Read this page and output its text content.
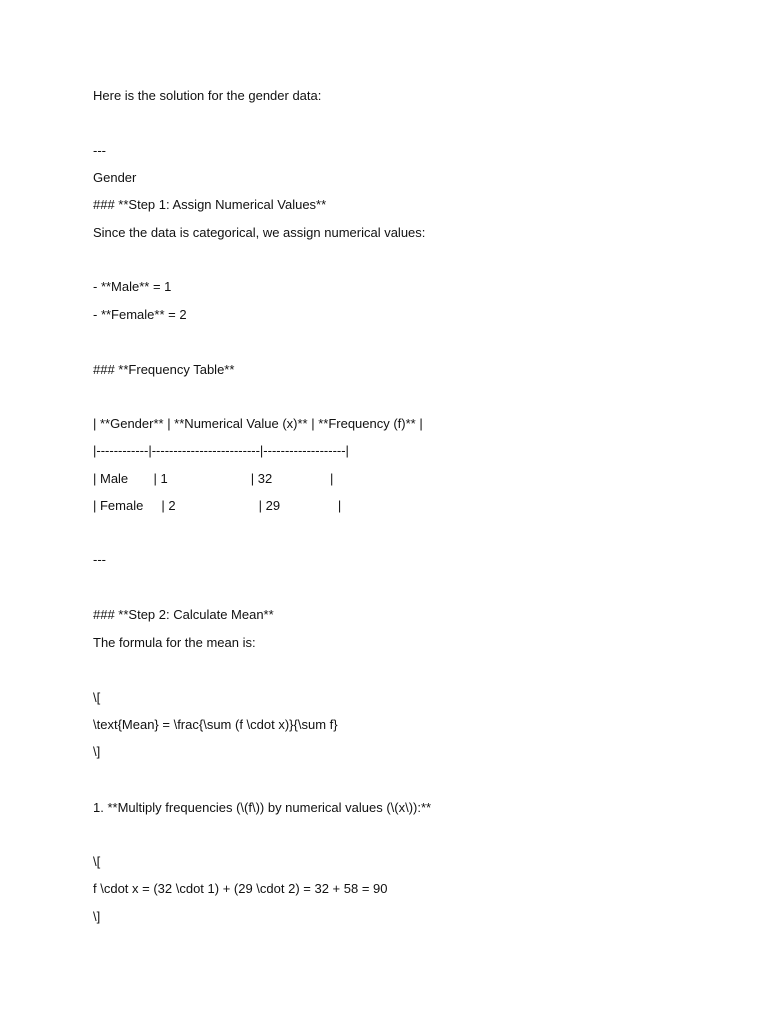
Here is the solution for the gender data:
---
Gender
### **Step 1: Assign Numerical Values**
Since the data is categorical, we assign numerical values:
- **Male** = 1
- **Female** = 2
### **Frequency Table**
| **Gender** | **Numerical Value (x)** | **Frequency (f)** |
|------------|-------------------------|-------------------|
| Male       | 1                       | 32                |
| Female     | 2                       | 29                |
---
### **Step 2: Calculate Mean**
The formula for the mean is:
\[
\text{Mean} = \frac{\sum (f \cdot x)}{\sum f}
\]
1. **Multiply frequencies (\(f\)) by numerical values (\(x\)):**
\[
f \cdot x = (32 \cdot 1) + (29 \cdot 2) = 32 + 58 = 90
\]
